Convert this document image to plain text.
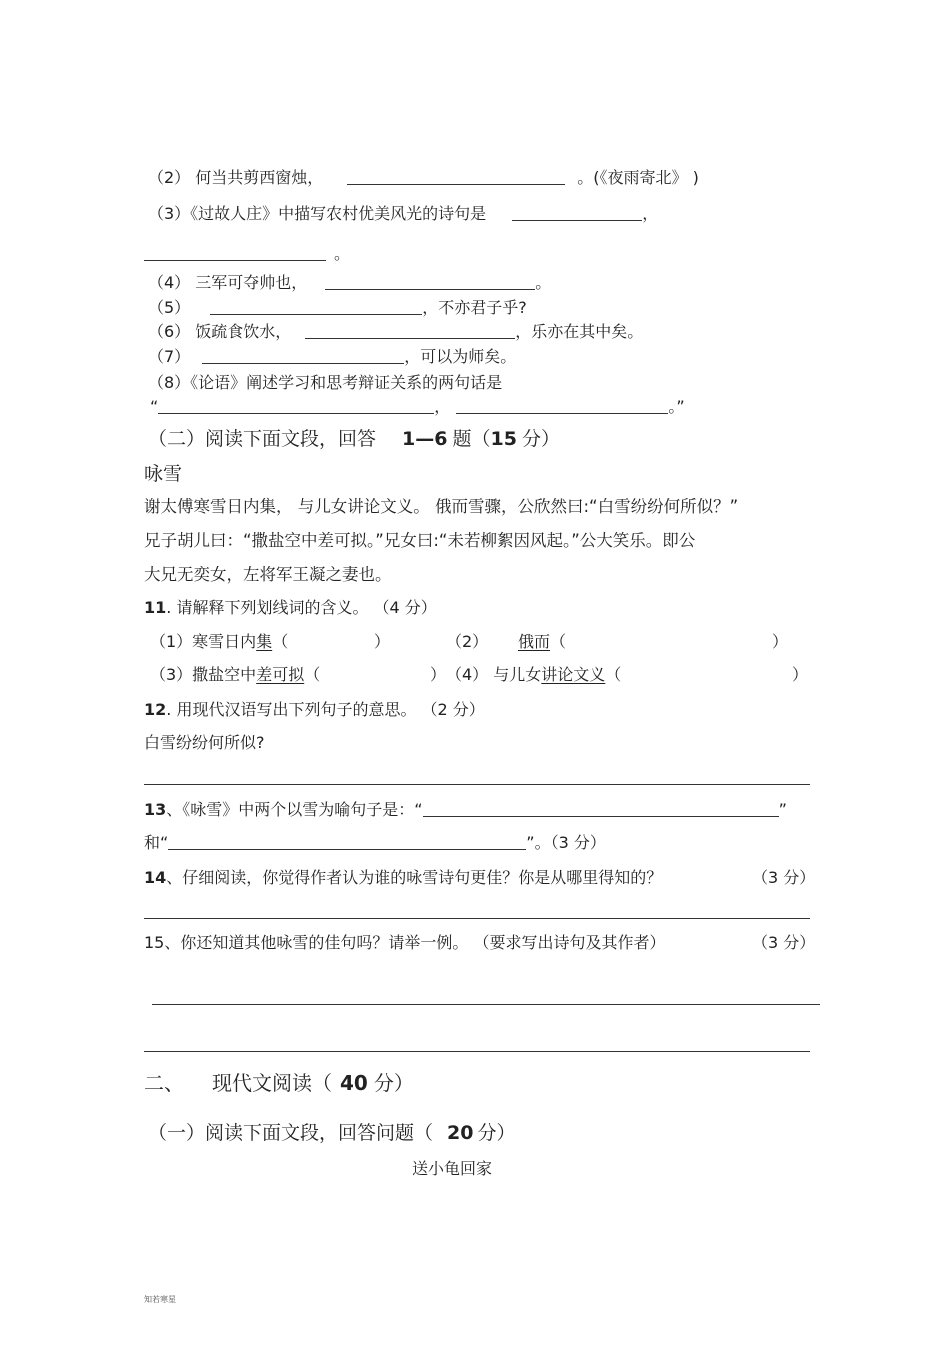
（2） 何当共剪西窗烛，	。(《夜雨寄北》 )
（3）《过故人庄》中描写农村优美风光的诗句是	，
。
（4） 三军可夺帅也，	。
（5）	，不亦君子乎?
（6） 饭疏食饮水，	，乐亦在其中矣。
（7）	，可以为师矣。
（8）《论语》阐述学习和思考辩证关系的两句话是
“	，	。”
（二）阅读下面文段，回答 1—6 题（15 分）
咏雪
谢太傅寒雪日内集， 与儿女讲论文义。 俄而雪骤，公欣然曰:“白雪纷纷何所似？”
兄子胡儿曰：“撒盐空中差可拟。”兄女曰:“未若柳絮因风起。”公大笑乐。即公
大兄无奕女，左将军王凝之妻也。
11. 请解释下列划线词的含义。 （4 分）
（1）寒雪日内集（	）	（2） 俄而（	）
（3）撒盐空中差可拟（	） （4） 与儿女讲论文义（	）
12. 用现代汉语写出下列句子的意思。 （2 分）
白雪纷纷何所似?
13、《咏雪》中两个以雪为喻句子是：“	”
和“	”。（3 分）
14、仔细阅读，你觉得作者认为谁的咏雪诗句更佳？你是从哪里得知的？	（3 分）
15、你还知道其他咏雪的佳句吗？请举一例。 （要求写出诗句及其作者）	（3 分）
二、 现代文阅读（ 40 分）
（一）阅读下面文段，回答问题（ 20 分）
送小龟回家
知若寒星
